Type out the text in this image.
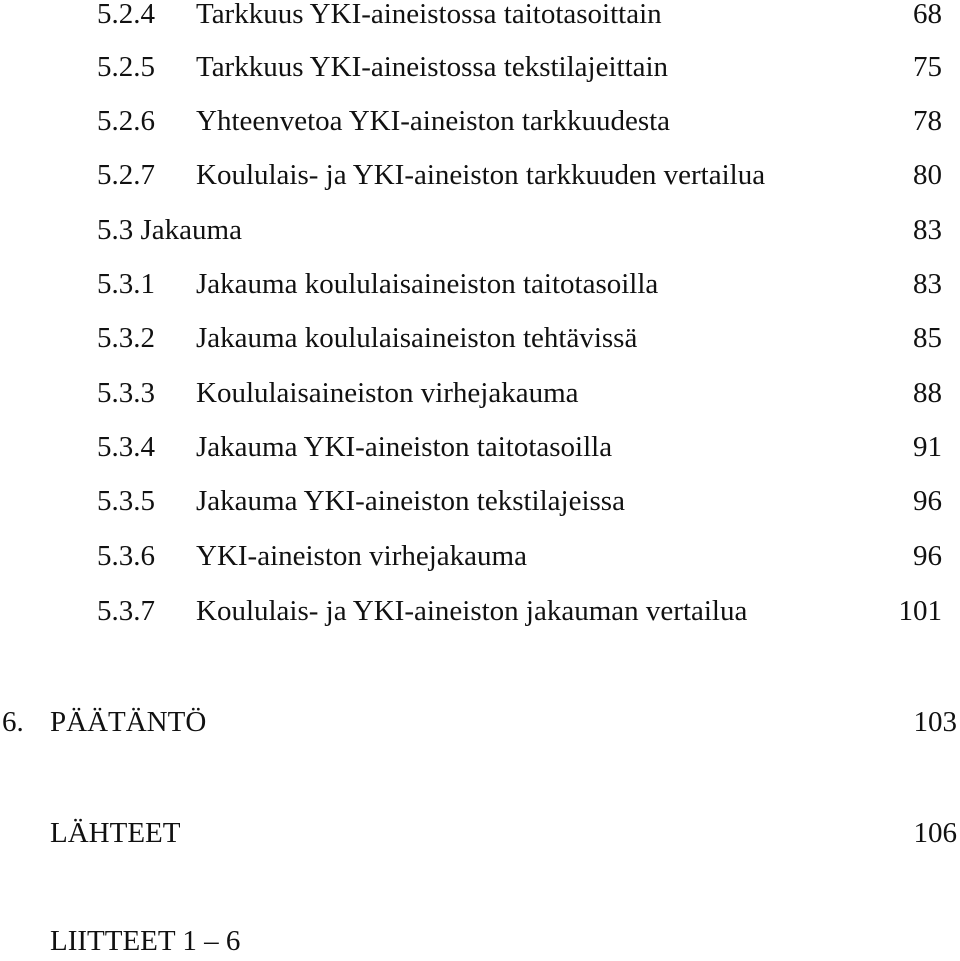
5.2.4 Tarkkuus YKI-aineistossa taitotasoittain	68
5.2.5 Tarkkuus YKI-aineistossa tekstilajeittain	75
5.2.6 Yhteenvetoa YKI-aineiston tarkkuudesta	78
5.2.7 Koululais- ja YKI-aineiston tarkkuuden vertailua	80
5.3 Jakauma	83
5.3.1 Jakauma koululaisaineiston taitotasoilla	83
5.3.2 Jakauma koululaisaineiston tehtävissä	85
5.3.3 Koululaisaineiston virhejakauma	88
5.3.4 Jakauma YKI-aineiston taitotasoilla	91
5.3.5 Jakauma YKI-aineiston tekstilajeissa	96
5.3.6 YKI-aineiston virhejakauma	96
5.3.7 Koululais- ja YKI-aineiston jakauman vertailua	101
6. PÄÄTÄNTÖ	103
LÄHTEET	106
LIITTEET 1 – 6
